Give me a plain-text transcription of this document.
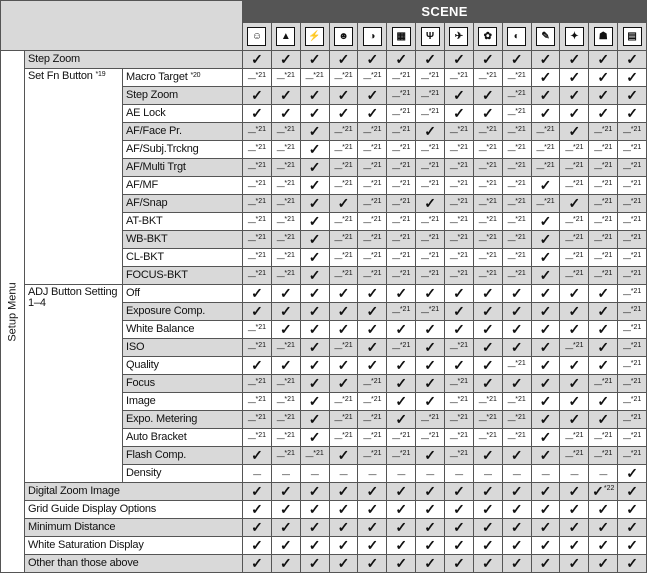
			SCENE													
			☺	▲	⚡	☻	◑	▦	Ψ	✈	✿	◐	✎	✦	☗	▤

Setup Menu	Step Zoom		✓	✓	✓	✓	✓	✓	✓	✓	✓	✓	✓	✓	✓	✓
	Set Fn Button $^{*19}$	Macro Target $^{*20}$	—$^{*21}$	—$^{*21}$	—$^{*21}$	—$^{*21}$	—$^{*21}$	—$^{*21}$	—$^{*21}$	—$^{*21}$	—$^{*21}$	—$^{*21}$	✓	✓	✓	✓
		Step Zoom	✓	✓	✓	✓	✓	—$^{*21}$	—$^{*21}$	✓	✓	—$^{*21}$	✓	✓	✓	✓
		AE Lock	✓	✓	✓	✓	✓	—$^{*21}$	—$^{*21}$	✓	✓	—$^{*21}$	✓	✓	✓	✓
		AF/Face Pr.	—$^{*21}$	—$^{*21}$	✓	—$^{*21}$	—$^{*21}$	—$^{*21}$	✓	—$^{*21}$	—$^{*21}$	—$^{*21}$	—$^{*21}$	✓	—$^{*21}$	—$^{*21}$
		AF/Subj.Trckng	—$^{*21}$	—$^{*21}$	✓	—$^{*21}$	—$^{*21}$	—$^{*21}$	—$^{*21}$	—$^{*21}$	—$^{*21}$	—$^{*21}$	—$^{*21}$	—$^{*21}$	—$^{*21}$	—$^{*21}$
		AF/Multi Trgt	—$^{*21}$	—$^{*21}$	✓	—$^{*21}$	—$^{*21}$	—$^{*21}$	—$^{*21}$	—$^{*21}$	—$^{*21}$	—$^{*21}$	—$^{*21}$	—$^{*21}$	—$^{*21}$	—$^{*21}$
		AF/MF	—$^{*21}$	—$^{*21}$	✓	—$^{*21}$	—$^{*21}$	—$^{*21}$	—$^{*21}$	—$^{*21}$	—$^{*21}$	—$^{*21}$	✓	—$^{*21}$	—$^{*21}$	—$^{*21}$
		AF/Snap	—$^{*21}$	—$^{*21}$	✓	✓	—$^{*21}$	—$^{*21}$	✓	—$^{*21}$	—$^{*21}$	—$^{*21}$	—$^{*21}$	✓	—$^{*21}$	—$^{*21}$
		AT-BKT	—$^{*21}$	—$^{*21}$	✓	—$^{*21}$	—$^{*21}$	—$^{*21}$	—$^{*21}$	—$^{*21}$	—$^{*21}$	—$^{*21}$	✓	—$^{*21}$	—$^{*21}$	—$^{*21}$
		WB-BKT	—$^{*21}$	—$^{*21}$	✓	—$^{*21}$	—$^{*21}$	—$^{*21}$	—$^{*21}$	—$^{*21}$	—$^{*21}$	—$^{*21}$	✓	—$^{*21}$	—$^{*21}$	—$^{*21}$
		CL-BKT	—$^{*21}$	—$^{*21}$	✓	—$^{*21}$	—$^{*21}$	—$^{*21}$	—$^{*21}$	—$^{*21}$	—$^{*21}$	—$^{*21}$	✓	—$^{*21}$	—$^{*21}$	—$^{*21}$
		FOCUS-BKT	—$^{*21}$	—$^{*21}$	✓	—$^{*21}$	—$^{*21}$	—$^{*21}$	—$^{*21}$	—$^{*21}$	—$^{*21}$	—$^{*21}$	✓	—$^{*21}$	—$^{*21}$	—$^{*21}$
	ADJ Button Setting 1–4	Off	✓	✓	✓	✓	✓	✓	✓	✓	✓	✓	✓	✓	✓	—$^{*21}$
		Exposure Comp.	✓	✓	✓	✓	✓	—$^{*21}$	—$^{*21}$	✓	✓	✓	✓	✓	✓	—$^{*21}$
		White Balance	—$^{*21}$	✓	✓	✓	✓	✓	✓	✓	✓	✓	✓	✓	✓	—$^{*21}$
		ISO	—$^{*21}$	—$^{*21}$	✓	—$^{*21}$	✓	—$^{*21}$	✓	—$^{*21}$	✓	✓	✓	—$^{*21}$	✓	—$^{*21}$
		Quality	✓	✓	✓	✓	✓	✓	✓	✓	✓	—$^{*21}$	✓	✓	✓	—$^{*21}$
		Focus	—$^{*21}$	—$^{*21}$	✓	✓	—$^{*21}$	✓	✓	—$^{*21}$	✓	✓	✓	✓	—$^{*21}$	—$^{*21}$
		Image	—$^{*21}$	—$^{*21}$	✓	—$^{*21}$	—$^{*21}$	✓	✓	—$^{*21}$	—$^{*21}$	—$^{*21}$	✓	✓	✓	—$^{*21}$
		Expo. Metering	—$^{*21}$	—$^{*21}$	✓	—$^{*21}$	—$^{*21}$	✓	—$^{*21}$	—$^{*21}$	—$^{*21}$	—$^{*21}$	✓	✓	✓	—$^{*21}$
		Auto Bracket	—$^{*21}$	—$^{*21}$	✓	—$^{*21}$	—$^{*21}$	—$^{*21}$	—$^{*21}$	—$^{*21}$	—$^{*21}$	—$^{*21}$	✓	—$^{*21}$	—$^{*21}$	—$^{*21}$
		Flash Comp.	✓	—$^{*21}$	—$^{*21}$	✓	—$^{*21}$	—$^{*21}$	✓	—$^{*21}$	✓	✓	✓	—$^{*21}$	—$^{*21}$	—$^{*21}$
		Density	—	—	—	—	—	—	—	—	—	—	—	—	—	✓
	Digital Zoom Image		✓	✓	✓	✓	✓	✓	✓	✓	✓	✓	✓	✓	✓$^{*22}$	✓
	Grid Guide Display Options		✓	✓	✓	✓	✓	✓	✓	✓	✓	✓	✓	✓	✓	✓
	Minimum Distance		✓	✓	✓	✓	✓	✓	✓	✓	✓	✓	✓	✓	✓	✓
	White Saturation Display		✓	✓	✓	✓	✓	✓	✓	✓	✓	✓	✓	✓	✓	✓
	Other than those above		✓	✓	✓	✓	✓	✓	✓	✓	✓	✓	✓	✓	✓	✓
